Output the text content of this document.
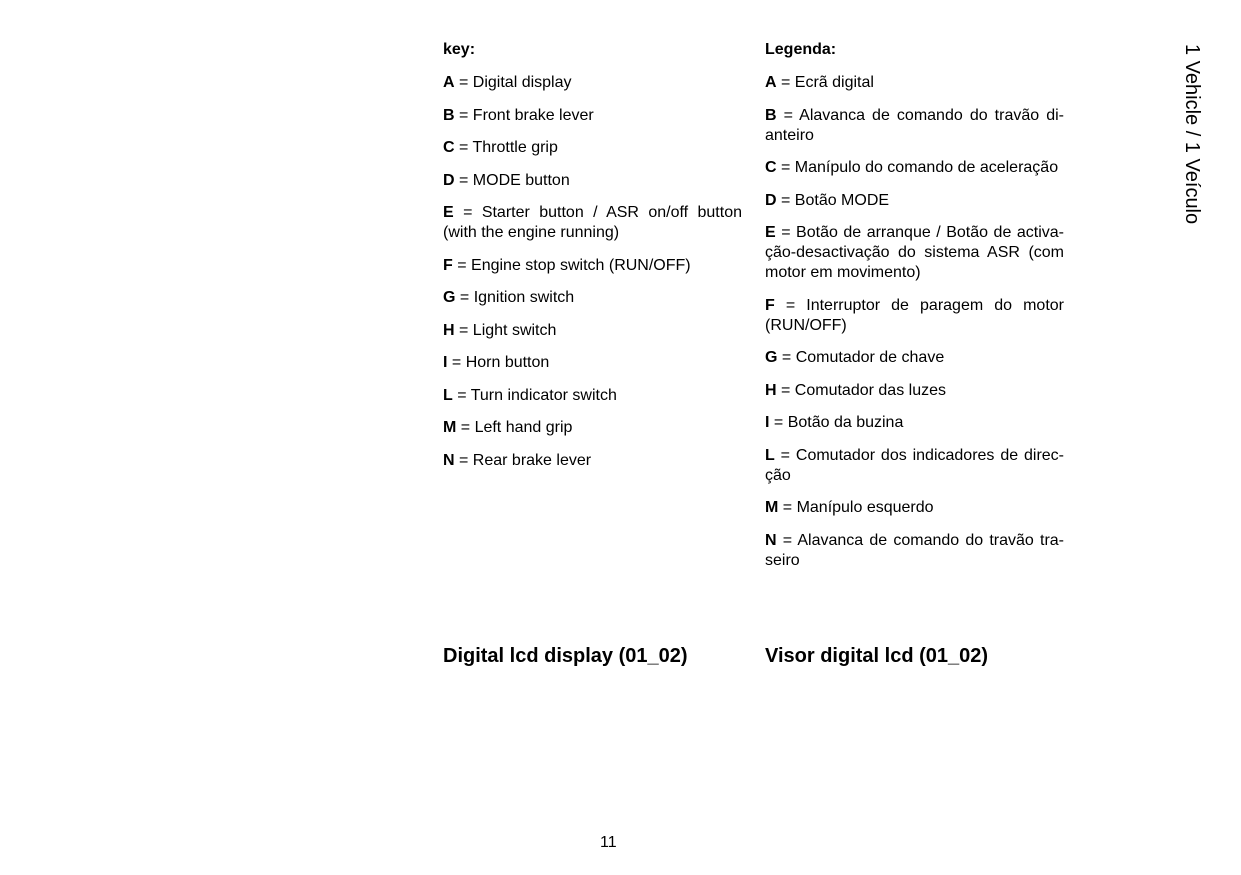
key:
A = Digital display
B = Front brake lever
C = Throttle grip
D = MODE button
E = Starter button / ASR on/off button (with the engine running)
F = Engine stop switch (RUN/OFF)
G = Ignition switch
H = Light switch
I = Horn button
L = Turn indicator switch
M = Left hand grip
N = Rear brake lever
Legenda:
A = Ecrã digital
B = Alavanca de comando do travão dianteiro
C = Manípulo do comando de aceleração
D = Botão MODE
E = Botão de arranque / Botão de activação-desactivação do sistema ASR (com motor em movimento)
F = Interruptor de paragem do motor (RUN/OFF)
G = Comutador de chave
H = Comutador das luzes
I = Botão da buzina
L = Comutador dos indicadores de direcção
M = Manípulo esquerdo
N = Alavanca de comando do travão traseiro
Digital lcd display (01_02)	Visor digital lcd (01_02)
1 Vehicle / 1 Veículo
11
